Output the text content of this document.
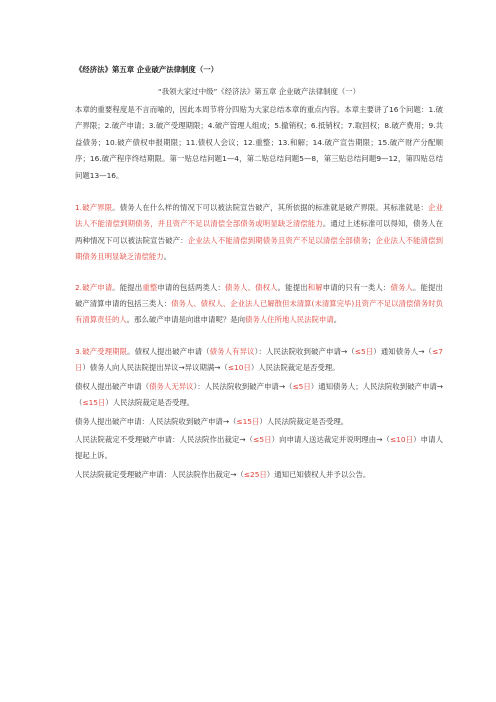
《经济法》第五章 企业破产法律制度（一）
“我领大家过中级”《经济法》第五章 企业破产法律制度（一）

本章的重要程度是不言而喻的，因此本周节将分四贴为大家总结本章的重点内容。本章主要讲了16个问题：1.破产界限；2.破产申请；3.破产受理期限；4.破产管理人组成；5.撤销权；6.抵销权；7.取回权；8.破产费用；9.共益债务；10.破产债权申报期限；11.债权人会议；12.重整；13.和解；14.破产宣告期限；15.破产财产分配顺序；16.破产程序终结期限。第一贴总结问题1—4，第二贴总结问题5—8，第三贴总结问题9—12，第四贴总结问题13—16。

1.破产界限。债务人在什么样的情况下可以被法院宣告破产，其所依据的标准就是破产界限。其标准就是：企业法人不能清偿到期债务，并且资产不足以清偿全部债务或明显缺乏清偿能力。通过上述标准可以得知，债务人在两种情况下可以被法院宣告破产：企业法人不能清偿到期债务且资产不足以清偿全部债务；企业法人不能清偿到期债务且明显缺乏清偿能力。

2.破产申请。能提出重整申请的包括两类人：债务人、债权人。能提出和解申请的只有一类人：债务人。能提出破产清算申请的包括三类人：债务人、债权人、企业法人已解散但未清算(未清算完毕)且资产不足以清偿债务时负有清算责任的人。那么破产申请是向谁申请呢？是向债务人住所地人民法院申请。

3.破产受理期限。债权人提出破产申请（债务人有异议）：人民法院收到破产申请→（≤5日）通知债务人→（≤7日）债务人向人民法院提出异议→异议期满→（≤10日）人民法院裁定是否受理。

债权人提出破产申请（债务人无异议）：人民法院收到破产申请→（≤5日）通知债务人；人民法院收到破产申请→（≤15日）人民法院裁定是否受理。

债务人提出破产申请：人民法院收到破产申请→（≤15日）人民法院裁定是否受理。

人民法院裁定不受理破产申请：人民法院作出裁定→（≤5日）向申请人送达裁定并说明理由→（≤10日）申请人提起上诉。

人民法院裁定受理破产申请：人民法院作出裁定→（≤25日）通知已知债权人并予以公告。
